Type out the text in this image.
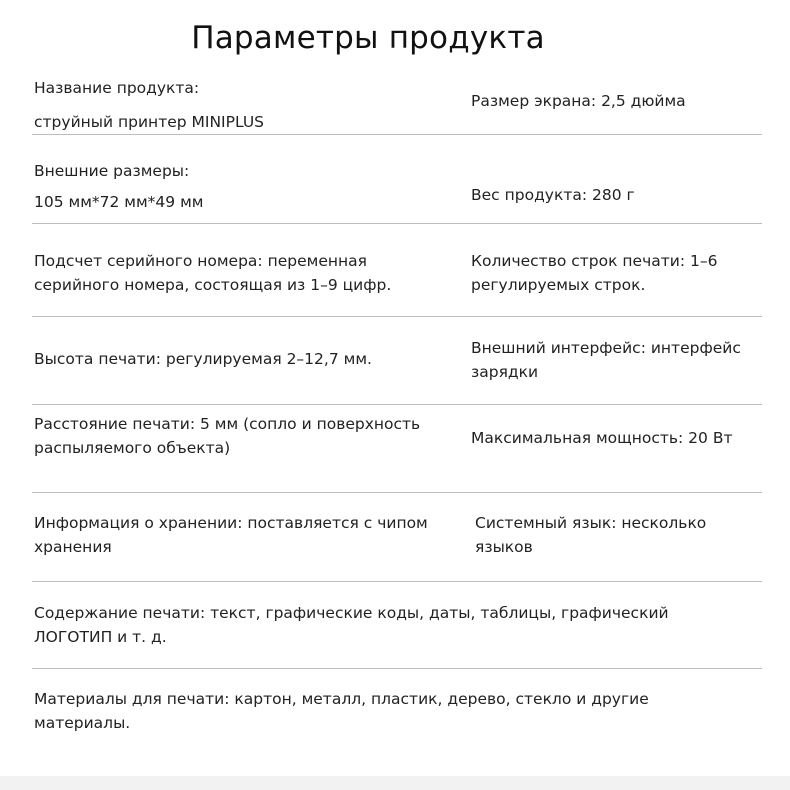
Параметры продукта
Название продукта:
струйный принтер MINIPLUS
Размер экрана: 2,5 дюйма
Внешние размеры:
105 мм*72 мм*49 мм	Вес продукта: 280 г
Подсчет серийного номера: переменная
серийного номера, состоящая из 1–9 цифр.
Количество строк печати: 1–6
регулируемых строк.
Высота печати: регулируемая 2–12,7 мм.
Внешний интерфейс: интерфейс
зарядки
Расстояние печати: 5 мм (сопло и поверхность
распыляемого объекта)
Максимальная мощность: 20 Вт
Информация о хранении: поставляется с чипом
хранения
Системный язык: несколько
языков
Содержание печати: текст, графические коды, даты, таблицы, графический
ЛОГОТИП и т. д.
Материалы для печати: картон, металл, пластик, дерево, стекло и другие
материалы.
